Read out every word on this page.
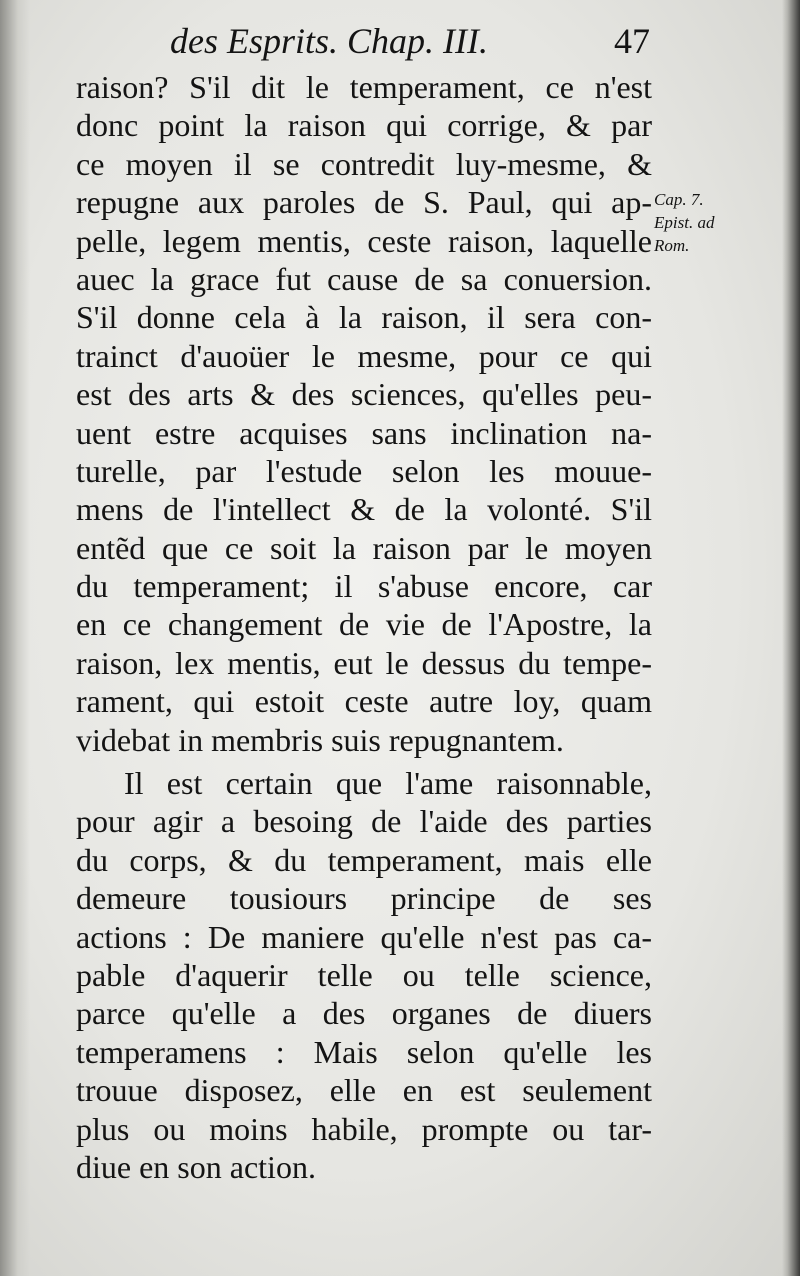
des Esprits. Chap. III.	47
raison? S'il dit le temperament, ce n'est
donc point la raison qui corrige, & par
ce moyen il se contredit luy-mesme, &
repugne aux paroles de S. Paul, qui ap-
pelle, legem mentis, ceste raison, laquelle
auec la grace fut cause de sa conuersion.
S'il donne cela à la raison, il sera con-
trainct d'auoüer le mesme, pour ce qui
est des arts & des sciences, qu'elles peu-
uent estre acquises sans inclination na-
turelle, par l'estude selon les mouue-
mens de l'intellect & de la volonté. S'il
entẽd que ce soit la raison par le moyen
du temperament; il s'abuse encore, car
en ce changement de vie de l'Apostre, la
raison, lex mentis, eut le dessus du tempe-
rament, qui estoit ceste autre loy, quam
videbat in membris suis repugnantem.
Il est certain que l'ame raisonnable,
pour agir a besoing de l'aide des parties
du corps, & du temperament, mais elle
demeure tousiours principe de ses
actions : De maniere qu'elle n'est pas ca-
pable d'aquerir telle ou telle science,
parce qu'elle a des organes de diuers
temperamens : Mais selon qu'elle les
trouue disposez, elle en est seulement
plus ou moins habile, prompte ou tar-
diue en son action.
Cap. 7.
Epist. ad
Rom.
